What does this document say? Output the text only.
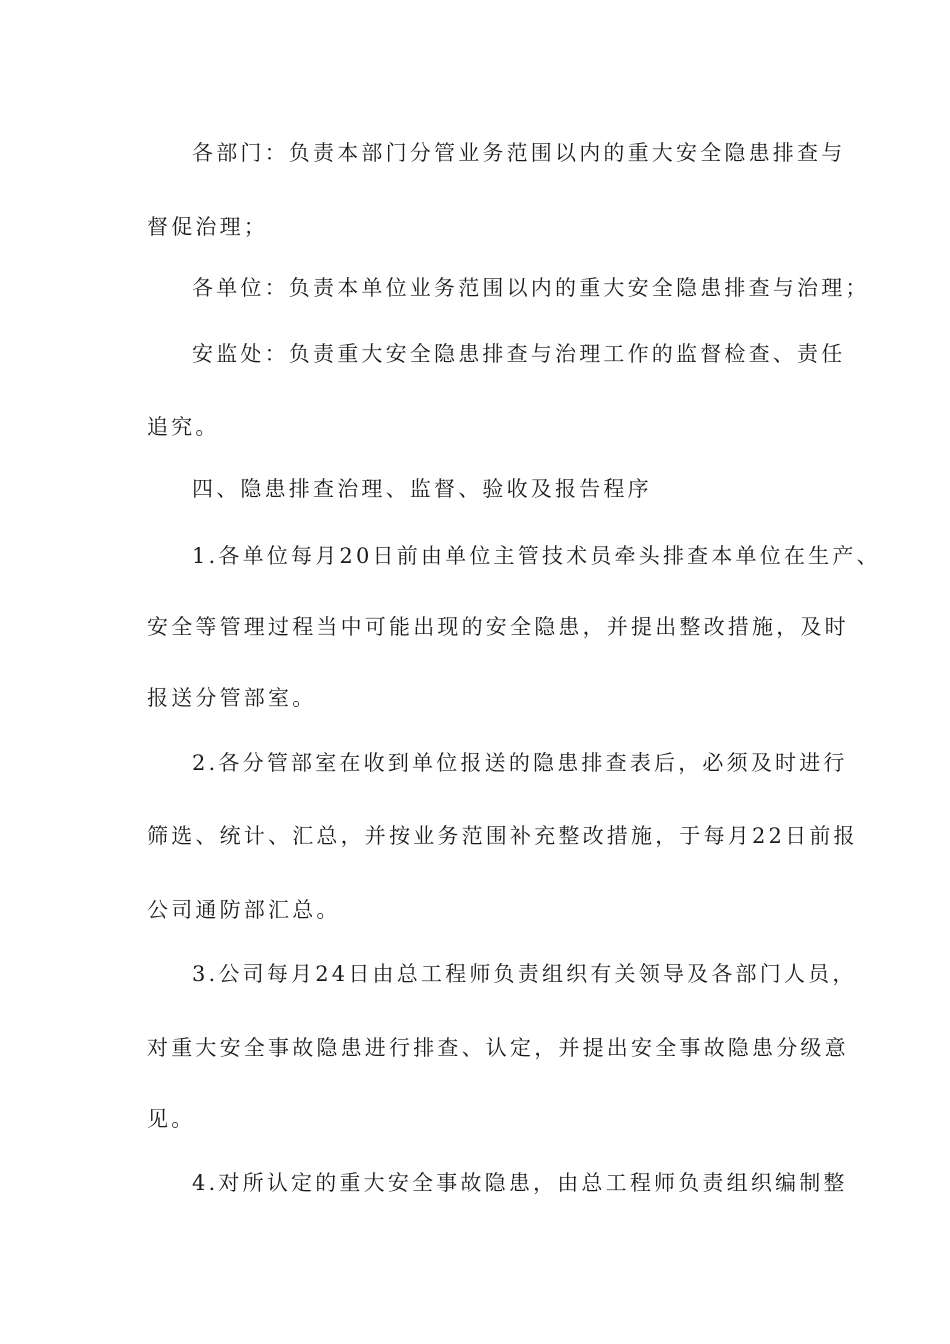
各部门：负责本部门分管业务范围以内的重大安全隐患排查与
督促治理；
各单位：负责本单位业务范围以内的重大安全隐患排查与治理；
安监处：负责重大安全隐患排查与治理工作的监督检查、责任
追究。
四、隐患排查治理、监督、验收及报告程序
1.各单位每月20日前由单位主管技术员牵头排查本单位在生产、
安全等管理过程当中可能出现的安全隐患，并提出整改措施，及时
报送分管部室。
2.各分管部室在收到单位报送的隐患排查表后，必须及时进行
筛选、统计、汇总，并按业务范围补充整改措施，于每月22日前报
公司通防部汇总。
3.公司每月24日由总工程师负责组织有关领导及各部门人员，
对重大安全事故隐患进行排查、认定，并提出安全事故隐患分级意
见。
4.对所认定的重大安全事故隐患，由总工程师负责组织编制整
